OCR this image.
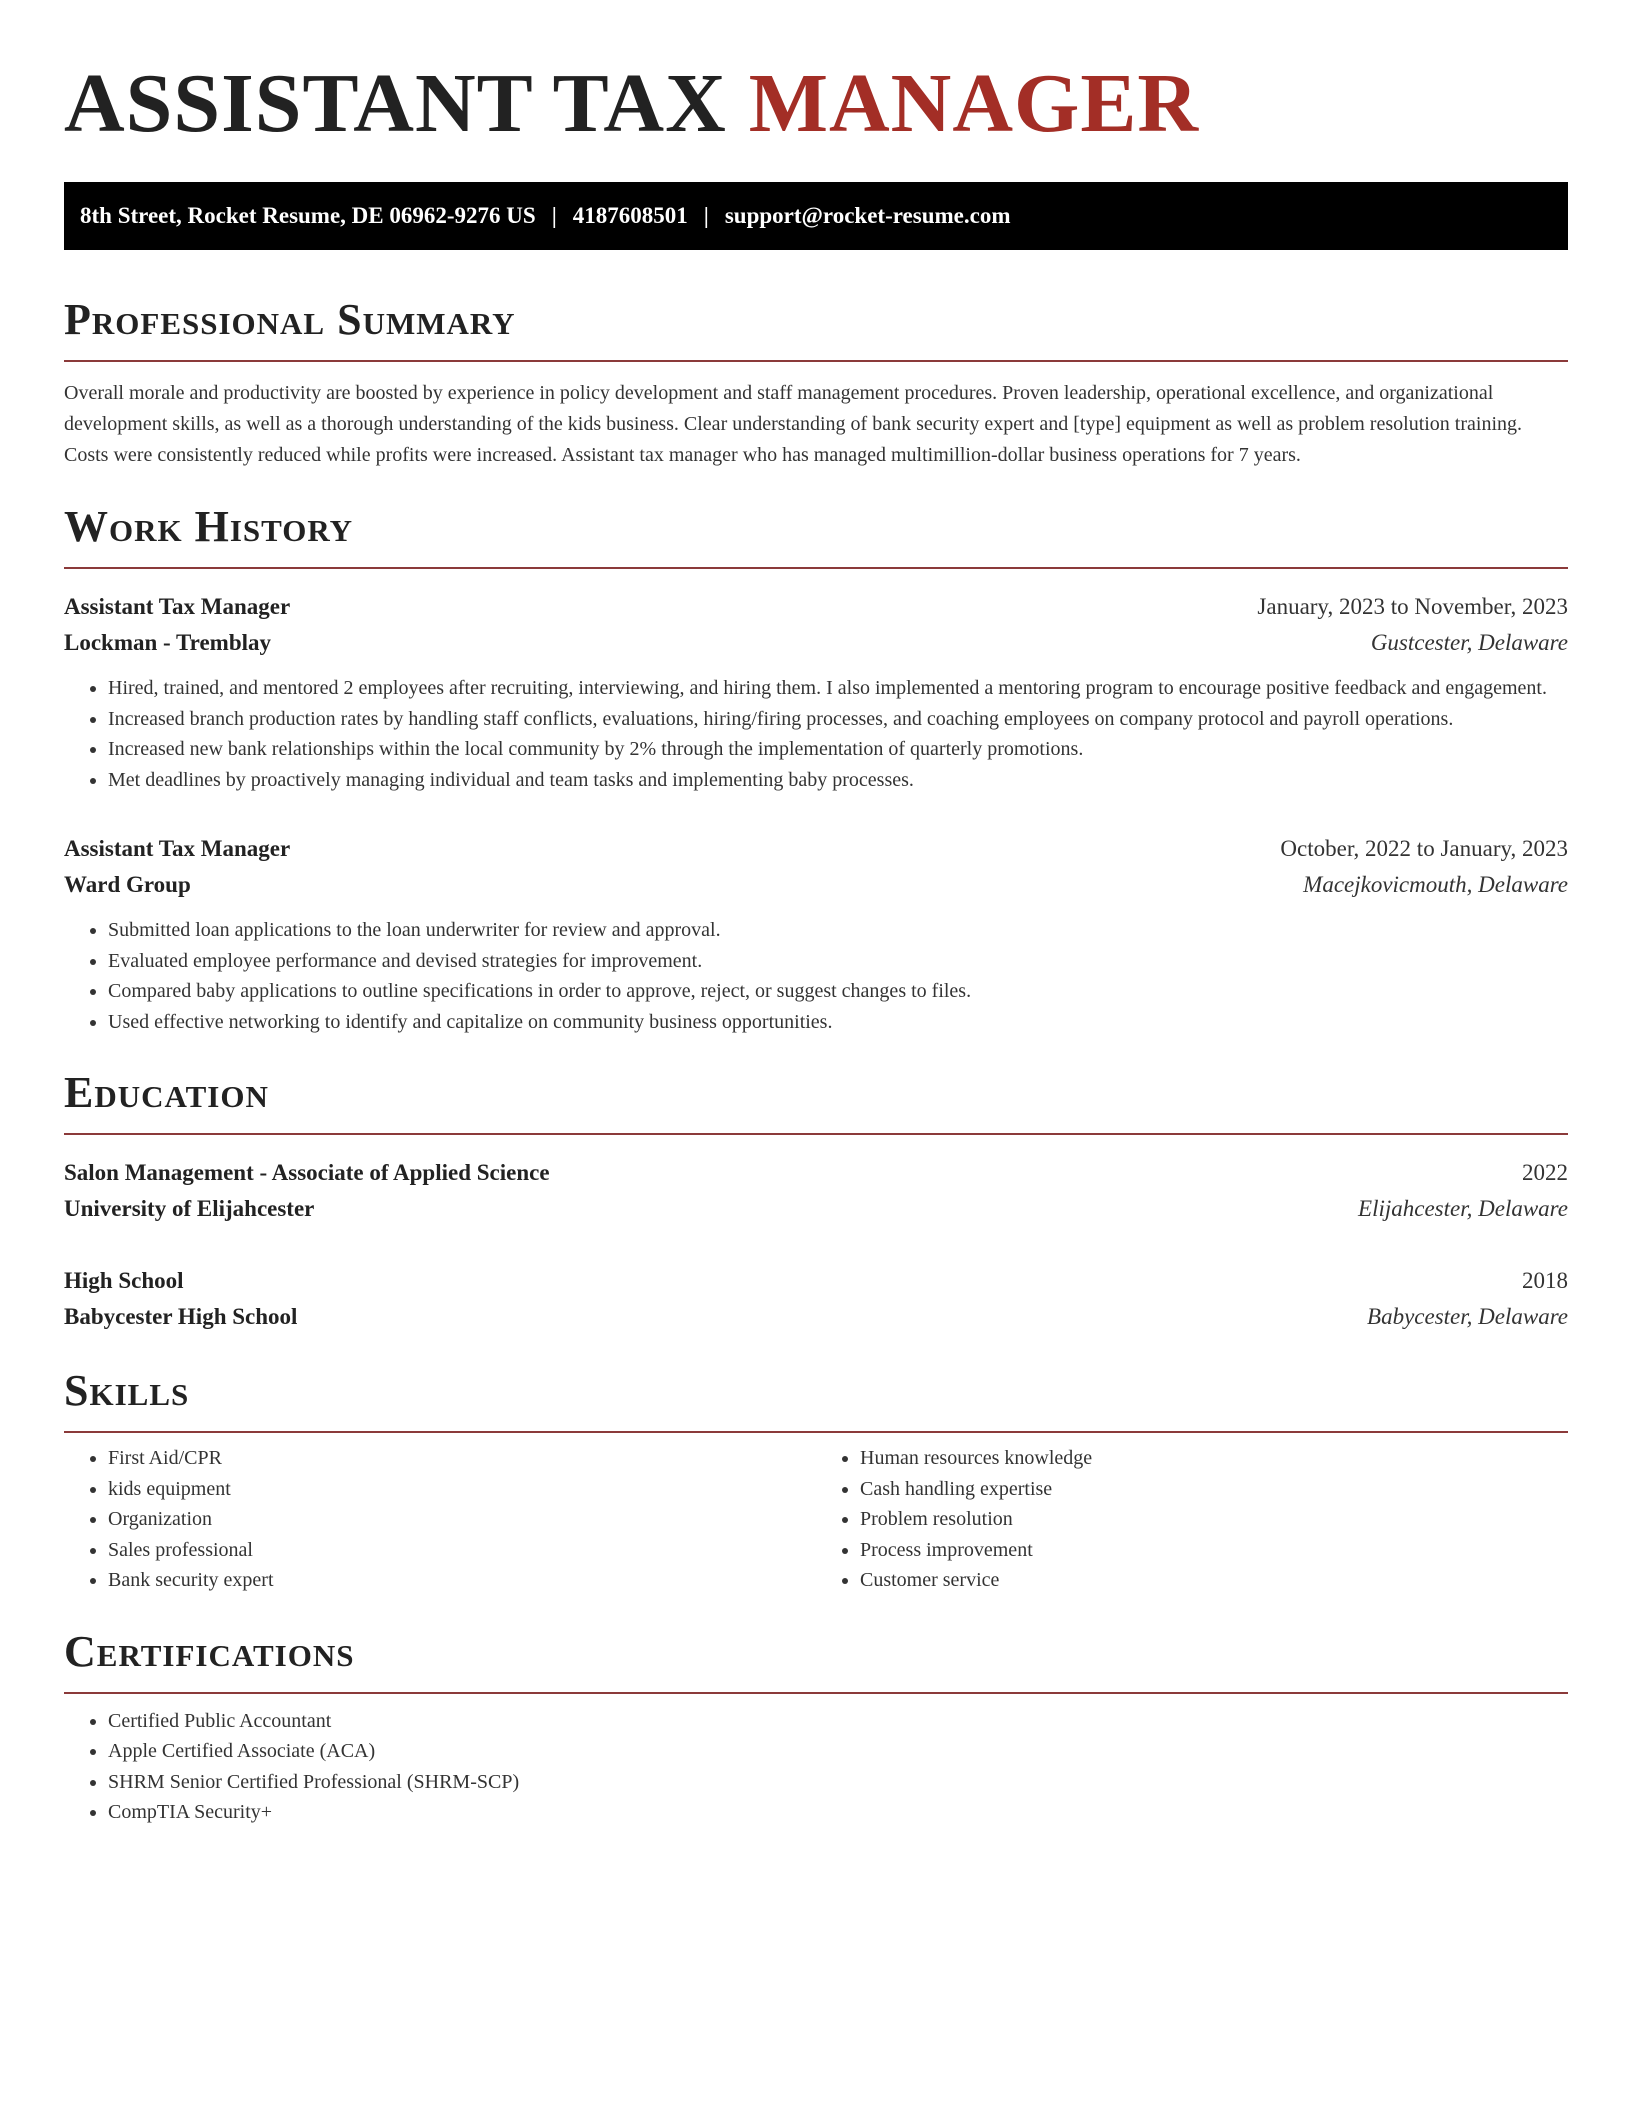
ASSISTANT TAX MANAGER
8th Street, Rocket Resume, DE 06962-9276 US | 4187608501 | support@rocket-resume.com
Professional Summary

Overall morale and productivity are boosted by experience in policy development and staff management procedures. Proven leadership, operational excellence, and organizational development skills, as well as a thorough understanding of the kids business. Clear understanding of bank security expert and [type] equipment as well as problem resolution training. Costs were consistently reduced while profits were increased. Assistant tax manager who has managed multimillion-dollar business operations for 7 years.

Work History
Assistant Tax Manager	January, 2023 to November, 2023
Lockman - Tremblay	Gustcester, Delaware
• Hired, trained, and mentored 2 employees after recruiting, interviewing, and hiring them. I also implemented a mentoring program to encourage positive feedback and engagement.
• Increased branch production rates by handling staff conflicts, evaluations, hiring/firing processes, and coaching employees on company protocol and payroll operations.
• Increased new bank relationships within the local community by 2% through the implementation of quarterly promotions.
• Met deadlines by proactively managing individual and team tasks and implementing baby processes.
Assistant Tax Manager	October, 2022 to January, 2023
Ward Group	Macejkovicmouth, Delaware
• Submitted loan applications to the loan underwriter for review and approval.
• Evaluated employee performance and devised strategies for improvement.
• Compared baby applications to outline specifications in order to approve, reject, or suggest changes to files.
• Used effective networking to identify and capitalize on community business opportunities.
Education
Salon Management - Associate of Applied Science	2022
University of Elijahcester	Elijahcester, Delaware
High School	2018
Babycester High School	Babycester, Delaware
Skills
• First Aid/CPR
• kids equipment
• Organization
• Sales professional
• Bank security expert
• Human resources knowledge
• Cash handling expertise
• Problem resolution
• Process improvement
• Customer service
Certifications
• Certified Public Accountant
• Apple Certified Associate (ACA)
• SHRM Senior Certified Professional (SHRM-SCP)
• CompTIA Security+
